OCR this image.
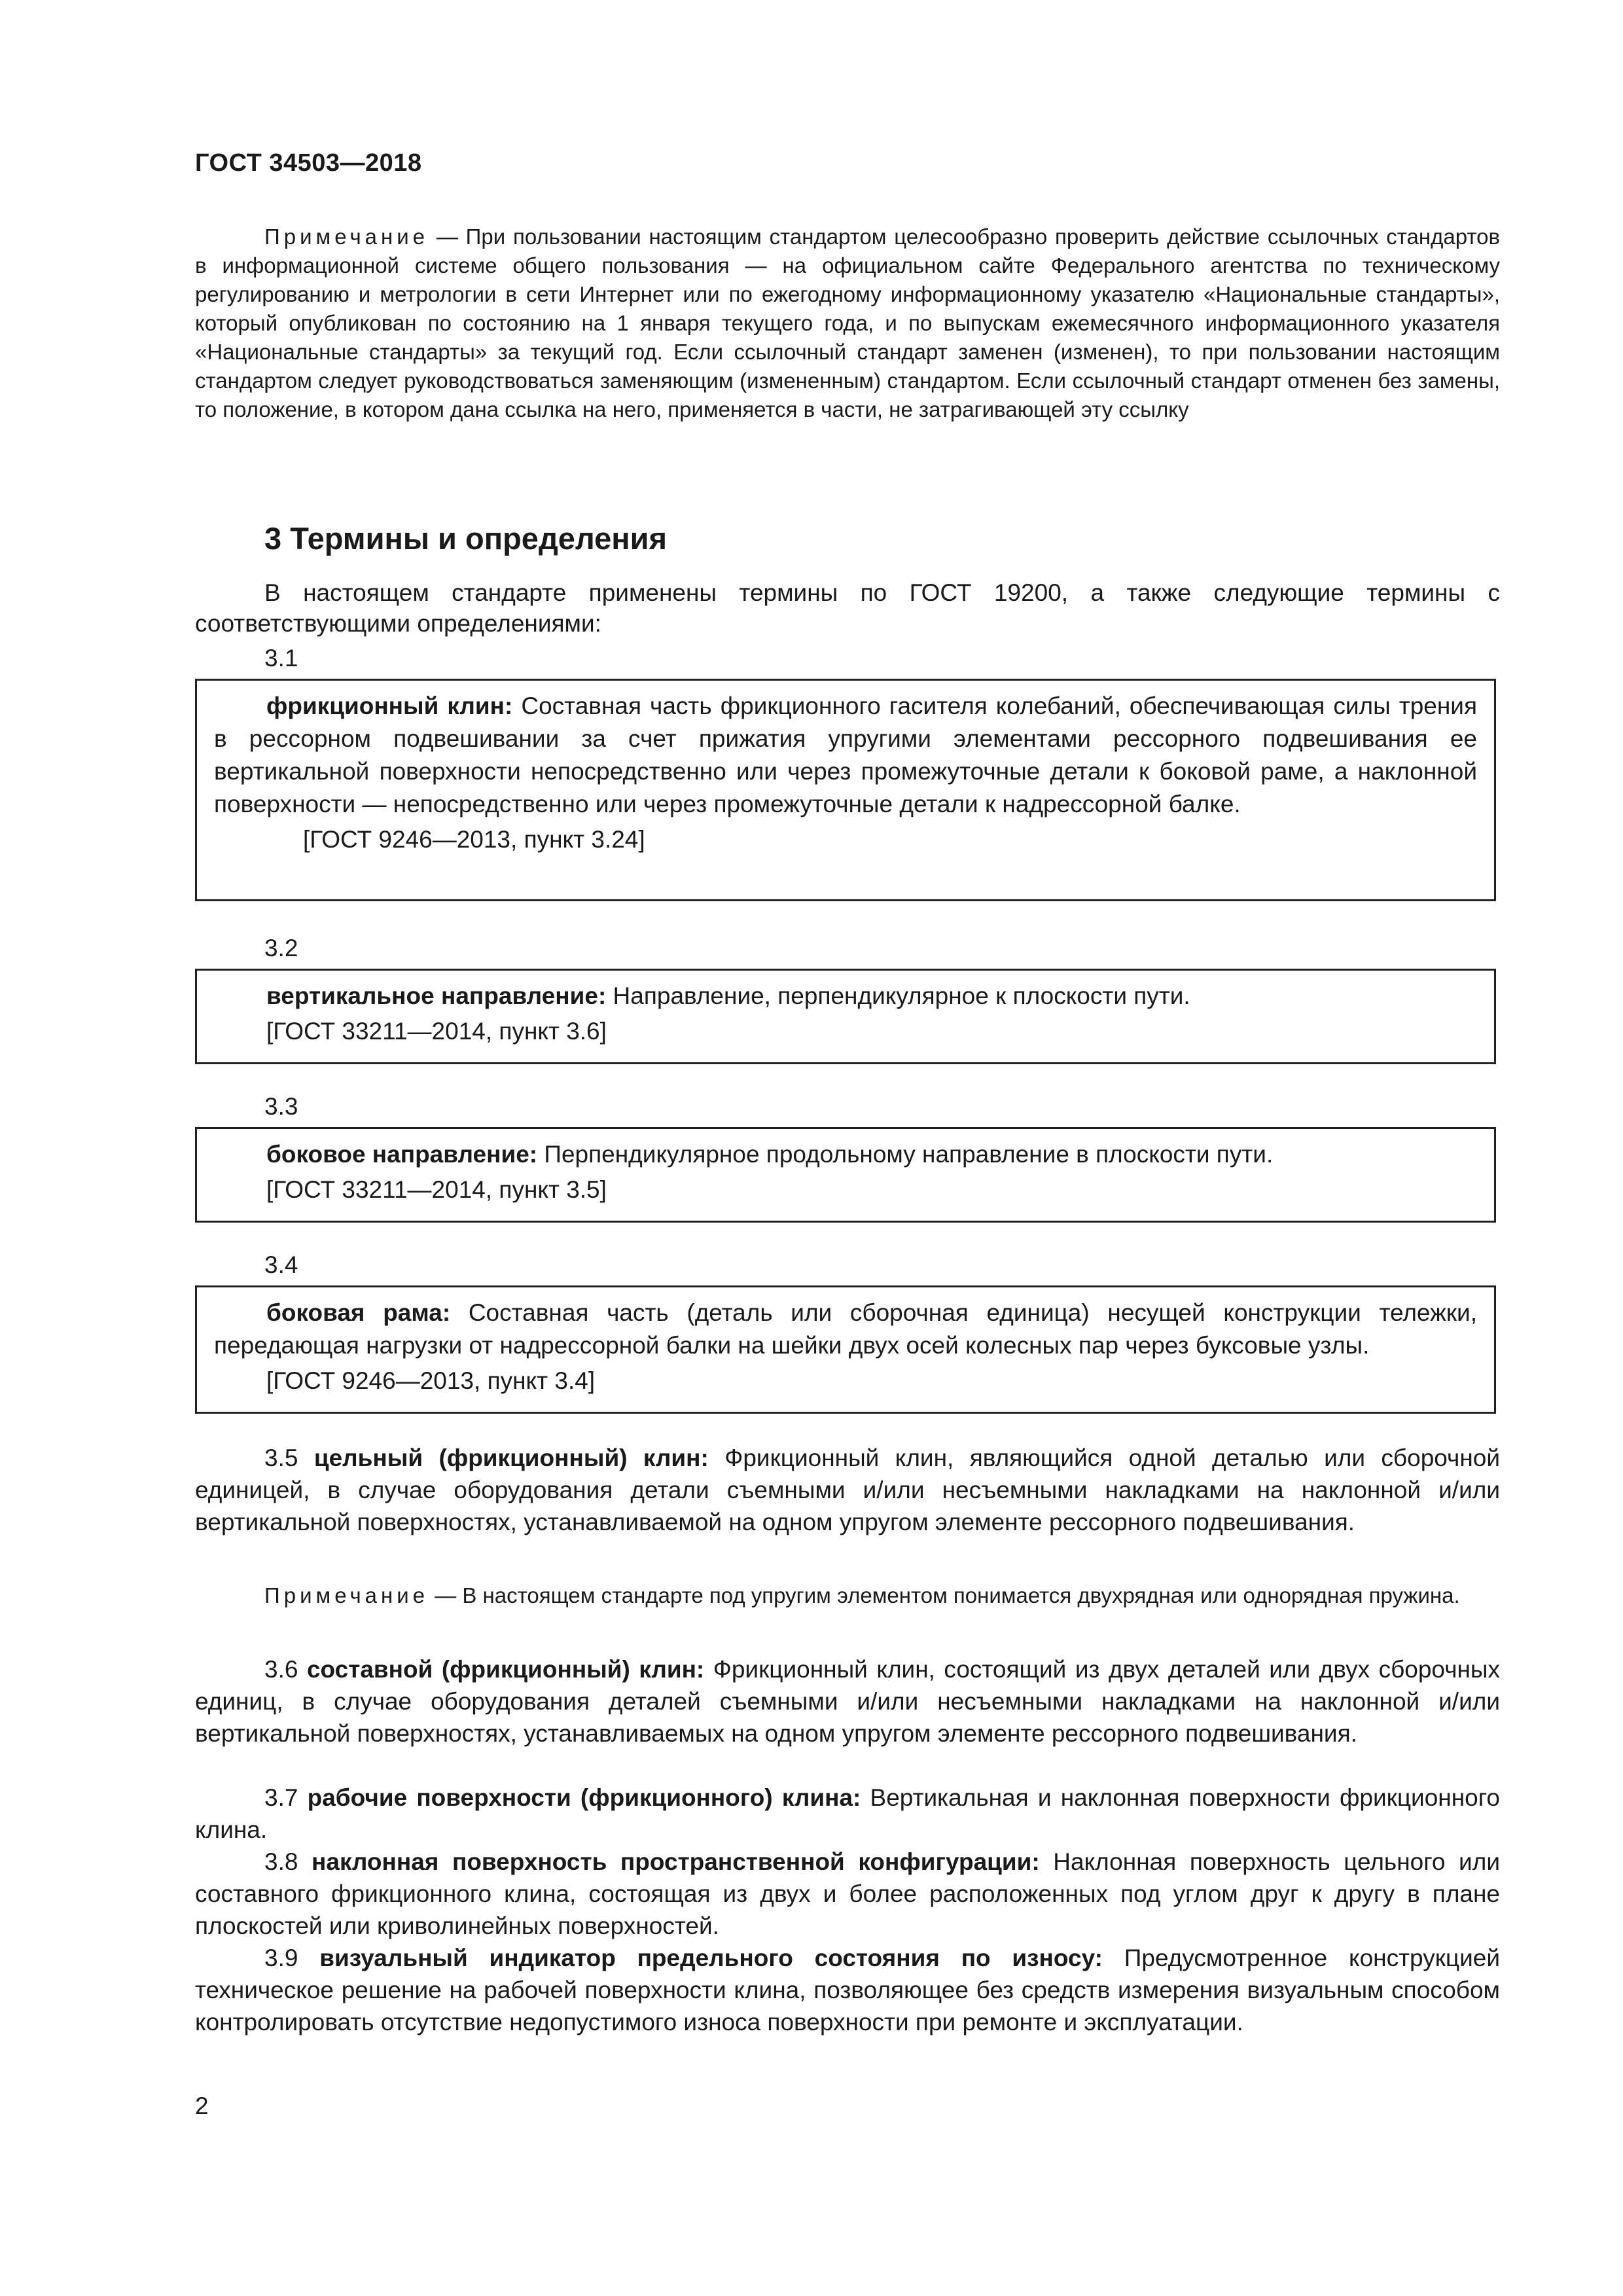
ГОСТ 34503—2018
Примечание — При пользовании настоящим стандартом целесообразно проверить действие ссылочных стандартов в информационной системе общего пользования — на официальном сайте Федерального агентства по техническому регулированию и метрологии в сети Интернет или по ежегодному информационному указателю «Национальные стандарты», который опубликован по состоянию на 1 января текущего года, и по выпускам ежемесячного информационного указателя «Национальные стандарты» за текущий год. Если ссылочный стандарт заменен (изменен), то при пользовании настоящим стандартом следует руководствоваться заменяющим (измененным) стандартом. Если ссылочный стандарт отменен без замены, то положение, в котором дана ссылка на него, применяется в части, не затрагивающей эту ссылку
3 Термины и определения
В настоящем стандарте применены термины по ГОСТ 19200, а также следующие термины с соответствующими определениями:
3.1

фрикционный клин: Составная часть фрикционного гасителя колебаний, обеспечивающая силы трения в рессорном подвешивании за счет прижатия упругими элементами рессорного подвешивания ее вертикальной поверхности непосредственно или через промежуточные детали к боковой раме, а наклонной поверхности — непосредственно или через промежуточные детали к надрессорной балке.

[ГОСТ 9246—2013, пункт 3.24]

3.2

вертикальное направление: Направление, перпендикулярное к плоскости пути.

[ГОСТ 33211—2014, пункт 3.6]

3.3

боковое направление: Перпендикулярное продольному направление в плоскости пути.

[ГОСТ 33211—2014, пункт 3.5]

3.4

боковая рама: Составная часть (деталь или сборочная единица) несущей конструкции тележки, передающая нагрузки от надрессорной балки на шейки двух осей колесных пар через буксовые узлы.

[ГОСТ 9246—2013, пункт 3.4]

3.5 цельный (фрикционный) клин: Фрикционный клин, являющийся одной деталью или сборочной единицей, в случае оборудования детали съемными и/или несъемными накладками на наклонной и/или вертикальной поверхностях, устанавливаемой на одном упругом элементе рессорного подвешивания.
Примечание — В настоящем стандарте под упругим элементом понимается двухрядная или однорядная пружина.
3.6 составной (фрикционный) клин: Фрикционный клин, состоящий из двух деталей или двух сборочных единиц, в случае оборудования деталей съемными и/или несъемными накладками на наклонной и/или вертикальной поверхностях, устанавливаемых на одном упругом элементе рессорного подвешивания.
3.7 рабочие поверхности (фрикционного) клина: Вертикальная и наклонная поверхности фрикционного клина.
3.8 наклонная поверхность пространственной конфигурации: Наклонная поверхность цельного или составного фрикционного клина, состоящая из двух и более расположенных под углом друг к другу в плане плоскостей или криволинейных поверхностей.
3.9 визуальный индикатор предельного состояния по износу: Предусмотренное конструкцией техническое решение на рабочей поверхности клина, позволяющее без средств измерения визуальным способом контролировать отсутствие недопустимого износа поверхности при ремонте и эксплуатации.
2
